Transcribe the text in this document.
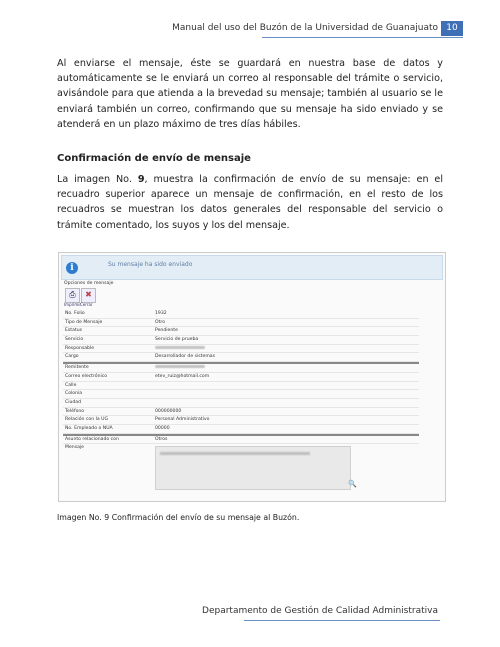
Manual del uso del Buzón de la Universidad de Guanajuato 10
Al enviarse el mensaje, éste se guardará en nuestra base de datos y automáticamente se le enviará un correo al responsable del trámite o servicio, avisándole para que atienda a la brevedad su mensaje; también al usuario se le enviará también un correo, confirmando que su mensaje ha sido enviado y se atenderá en un plazo máximo de tres días hábiles.
Confirmación de envío de mensaje
La imagen No. 9, muestra la confirmación de envío de su mensaje: en el recuadro superior aparece un mensaje de confirmación, en el resto de los recuadros se muestran los datos generales del responsable del servicio o trámite comentado, los suyos y los del mensaje.
i	Su mensaje ha sido enviado
Opciones de mensaje
⎙	✖
Imprimir
Cerrar
No. Folio	1932
Tipo de Mensaje	Otro
Estatus	Pendiente
Servicio	Servicio de prueba
Responsable
Cargo	Desarrollador de sistemas
Remitente
Correo electrónico	etev_ruiz@hotmail.com
Calle
Colonia
Ciudad
Teléfono	000000000
Relación con la UG	Personal Administrativo
No. Empleado o NUA	00000
Asunto relacionado con	Otros
Mensaje
🔍
Imagen No. 9 Confirmación del envío de su mensaje al Buzón.
Departamento de Gestión de Calidad Administrativa
